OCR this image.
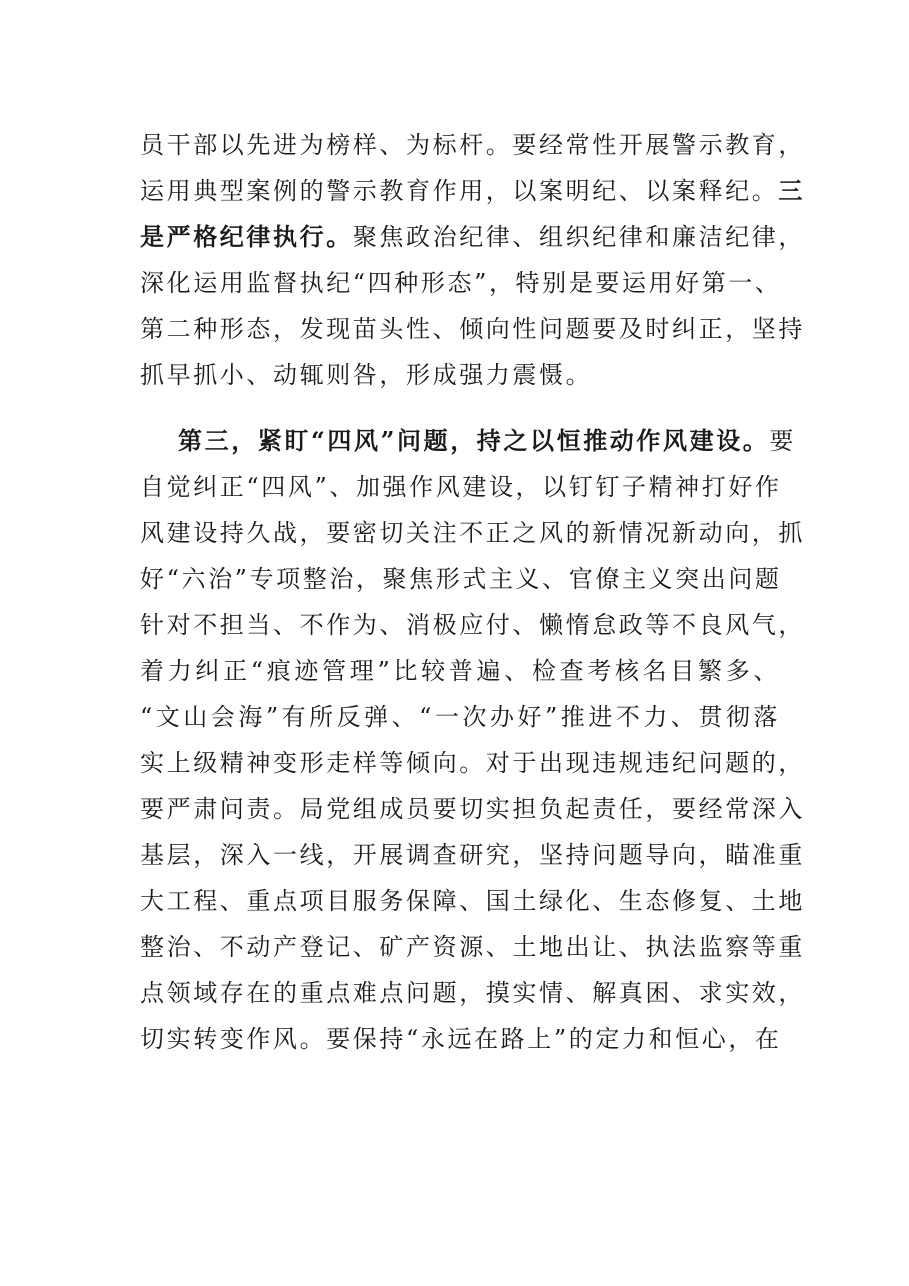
员干部以先进为榜样、为标杆。要经常性开展警示教育，
运用典型案例的警示教育作用，以案明纪、以案释纪。三
是严格纪律执行。聚焦政治纪律、组织纪律和廉洁纪律，
深化运用监督执纪“四种形态”，特别是要运用好第一、
第二种形态，发现苗头性、倾向性问题要及时纠正，坚持
抓早抓小、动辄则咎，形成强力震慑。
第三，紧盯“四风”问题，持之以恒推动作风建设。要
自觉纠正“四风”、加强作风建设，以钉钉子精神打好作
风建设持久战，要密切关注不正之风的新情况新动向，抓
好“六治”专项整治，聚焦形式主义、官僚主义突出问题
针对不担当、不作为、消极应付、懒惰怠政等不良风气，
着力纠正“痕迹管理”比较普遍、检查考核名目繁多、
“文山会海”有所反弹、“一次办好”推进不力、贯彻落
实上级精神变形走样等倾向。对于出现违规违纪问题的，
要严肃问责。局党组成员要切实担负起责任，要经常深入
基层，深入一线，开展调查研究，坚持问题导向，瞄准重
大工程、重点项目服务保障、国土绿化、生态修复、土地
整治、不动产登记、矿产资源、土地出让、执法监察等重
点领域存在的重点难点问题，摸实情、解真困、求实效，
切实转变作风。要保持“永远在路上”的定力和恒心，在
